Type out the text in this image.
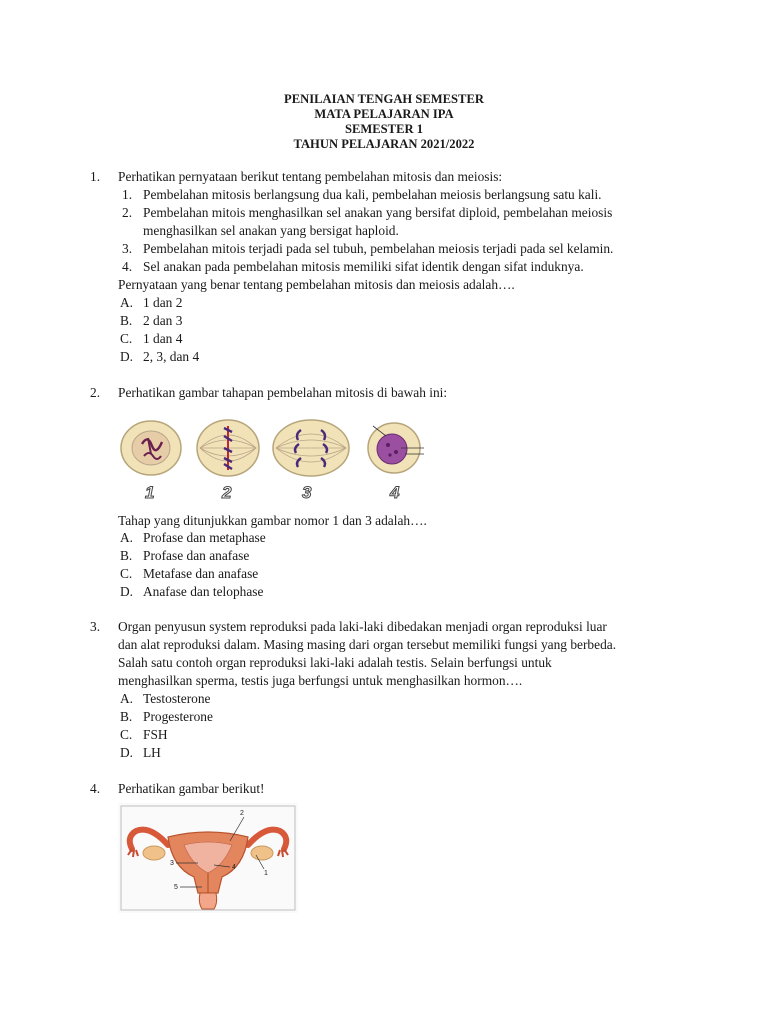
PENILAIAN TENGAH SEMESTER
MATA PELAJARAN IPA
SEMESTER 1
TAHUN PELAJARAN 2021/2022
1. Perhatikan pernyataan berikut tentang pembelahan mitosis dan meiosis:
1. Pembelahan mitosis berlangsung dua kali, pembelahan meiosis berlangsung satu kali.
2. Pembelahan mitois menghasilkan sel anakan yang bersifat diploid, pembelahan meiosis
menghasilkan sel anakan yang bersigat haploid.
3. Pembelahan mitois terjadi pada sel tubuh, pembelahan meiosis terjadi pada sel kelamin.
4. Sel anakan pada pembelahan mitosis memiliki sifat identik dengan sifat induknya.
Pernyataan yang benar tentang pembelahan mitosis dan meiosis adalah….
A. 1 dan 2
B. 2 dan 3
C. 1 dan 4
D. 2, 3, dan 4
2. Perhatikan gambar tahapan pembelahan mitosis di bawah ini:
1	2	3	4
Tahap yang ditunjukkan gambar nomor 1 dan 3 adalah….
A. Profase dan metaphase
B. Profase dan anafase
C. Metafase dan anafase
D. Anafase dan telophase
3. Organ penyusun system reproduksi pada laki-laki dibedakan menjadi organ reproduksi luar
dan alat reproduksi dalam. Masing masing dari organ tersebut memiliki fungsi yang berbeda.
Salah satu contoh organ reproduksi laki-laki adalah testis. Selain berfungsi untuk
menghasilkan sperma, testis juga berfungsi untuk menghasilkan hormon….
A. Testosterone
B. Progesterone
C. FSH
D. LH
4. Perhatikan gambar berikut!
2
1
3
4
5
